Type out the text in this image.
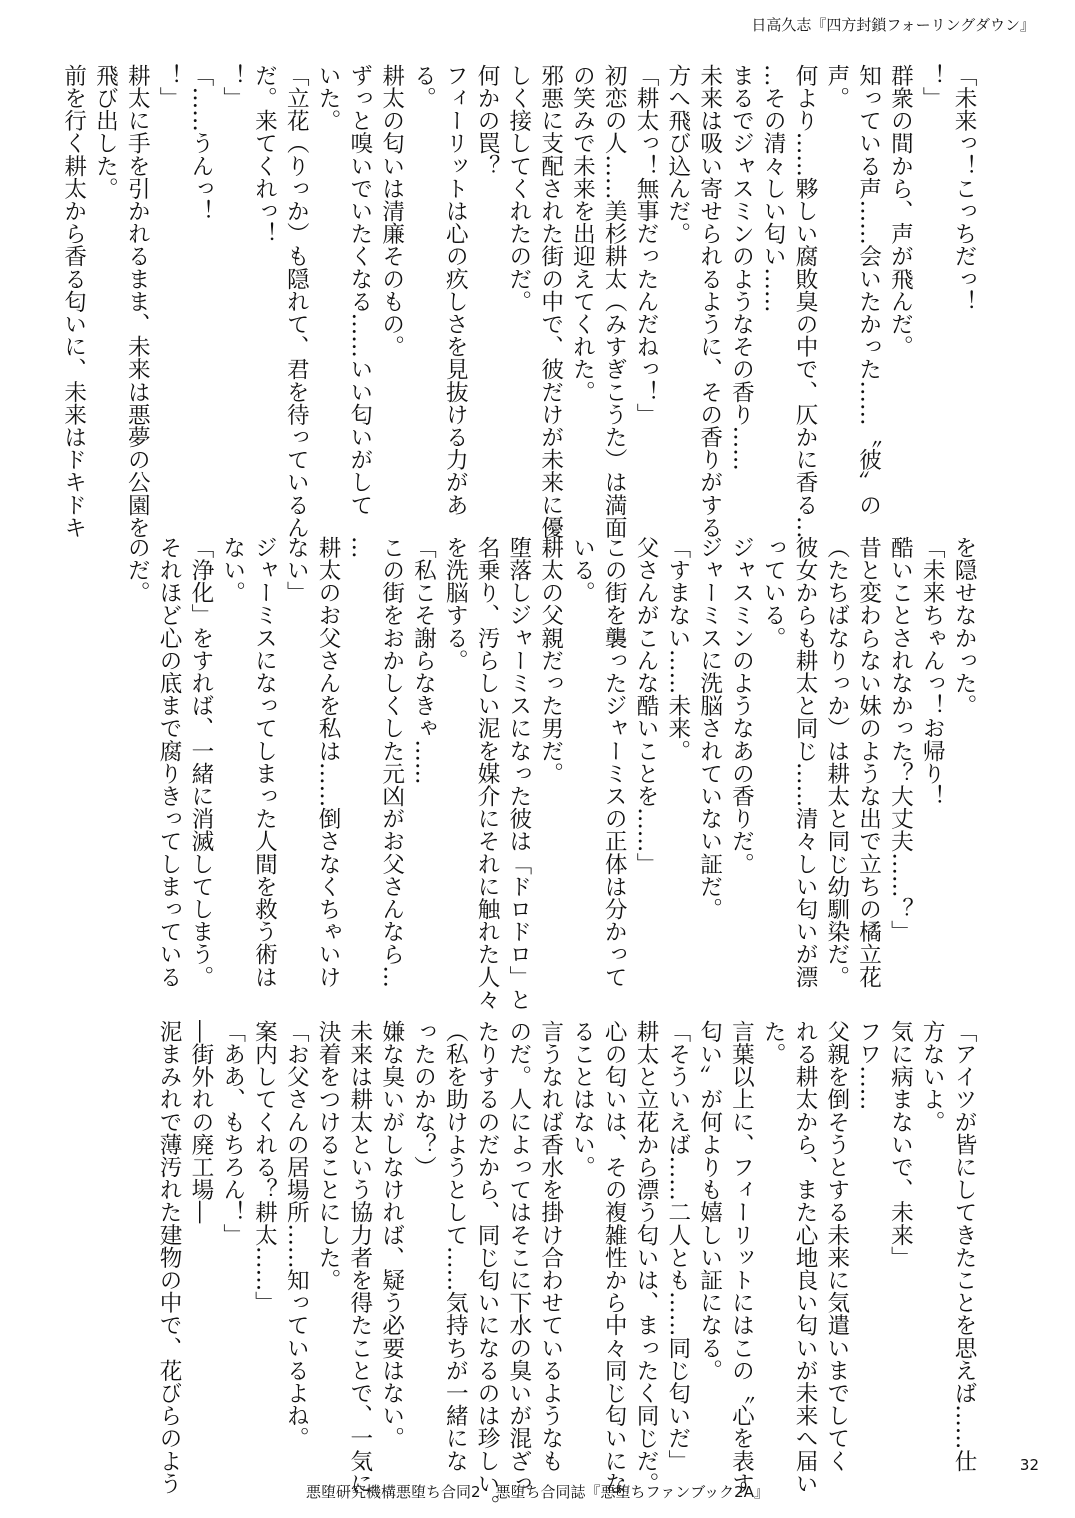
日高久志『四方封鎖フォーリングダウン』

「未来っ！こっちだっ！

！」

群衆の間から、声が飛んだ。

知っている声……会いたかった……〝彼〟の

声。

何より……夥しい腐敗臭の中で、仄かに香る…

…その清々しい匂い……

まるでジャスミンのようなその香り……

未来は吸い寄せられるように、その香りがする

方へ飛び込んだ。

「耕太っ！無事だったんだねっ！」

初恋の人……美杉耕太（みすぎこうた）は満面

の笑みで未来を出迎えてくれた。

邪悪に支配された街の中で、彼だけが未来に優

しく接してくれたのだ。

何かの罠？

フィーリットは心の疚しさを見抜ける力があ

る。

耕太の匂いは清廉そのもの。

ずっと嗅いでいたくなる……いい匂いがして

いた。

「立花（りっか）も隠れて、君を待っているん

だ。来てくれっ！

！」

「……うんっ！

！」

耕太に手を引かれるまま、未来は悪夢の公園を

飛び出した。

前を行く耕太から香る匂いに、未来はドキドキ

を隠せなかった。

「未来ちゃんっ！お帰り！

酷いことされなかった？大丈夫……？」

昔と変わらない妹のような出で立ちの橘立花

（たちばなりっか）は耕太と同じ幼馴染だ。

彼女からも耕太と同じ……清々しい匂いが漂

っている。

ジャスミンのようなあの香りだ。

ジャーミスに洗脳されていない証だ。

「すまない……未来。

父さんがこんな酷いことを……」

この街を襲ったジャーミスの正体は分かって

いる。

耕太の父親だった男だ。

堕落しジャーミスになった彼は「ドロドロ」と

名乗り、汚らしい泥を媒介にそれに触れた人々

を洗脳する。

「私こそ謝らなきゃ……

この街をおかしくした元凶がお父さんなら…

…

耕太のお父さんを私は……倒さなくちゃいけ

ない」

ジャーミスになってしまった人間を救う術は

ない。

「浄化」をすれば、一緒に消滅してしまう。

それほど心の底まで腐りきってしまっている

のだ。

「アイツが皆にしてきたことを思えば……仕

方ないよ。

気に病まないで、未来」

フワ……

父親を倒そうとする未来に気遣いまでしてく

れる耕太から、また心地良い匂いが未来へ届い

た。

言葉以上に、フィーリットにはこの〝心を表す

匂い〟が何よりも嬉しい証になる。

「そういえば……二人とも……同じ匂いだ」

耕太と立花から漂う匂いは、まったく同じだ。

心の匂いは、その複雑性から中々同じ匂いにな

ることはない。

言うなれば香水を掛け合わせているようなも

のだ。人によってはそこに下水の臭いが混ざっ

たりするのだから、同じ匂いになるのは珍しい。

（私を助けようとして……気持ちが一緒にな

ったのかな？）

嫌な臭いがしなければ、疑う必要はない。

未来は耕太という協力者を得たことで、一気に

決着をつけることにした。

「お父さんの居場所……知っているよね。

案内してくれる？耕太……」

「ああ、もちろん！」

―街外れの廃工場―

泥まみれで薄汚れた建物の中で、花びらのよう	32
悪堕研究機構悪堕ち合同2　悪堕ち合同誌『悪堕ちファンブック2A』
